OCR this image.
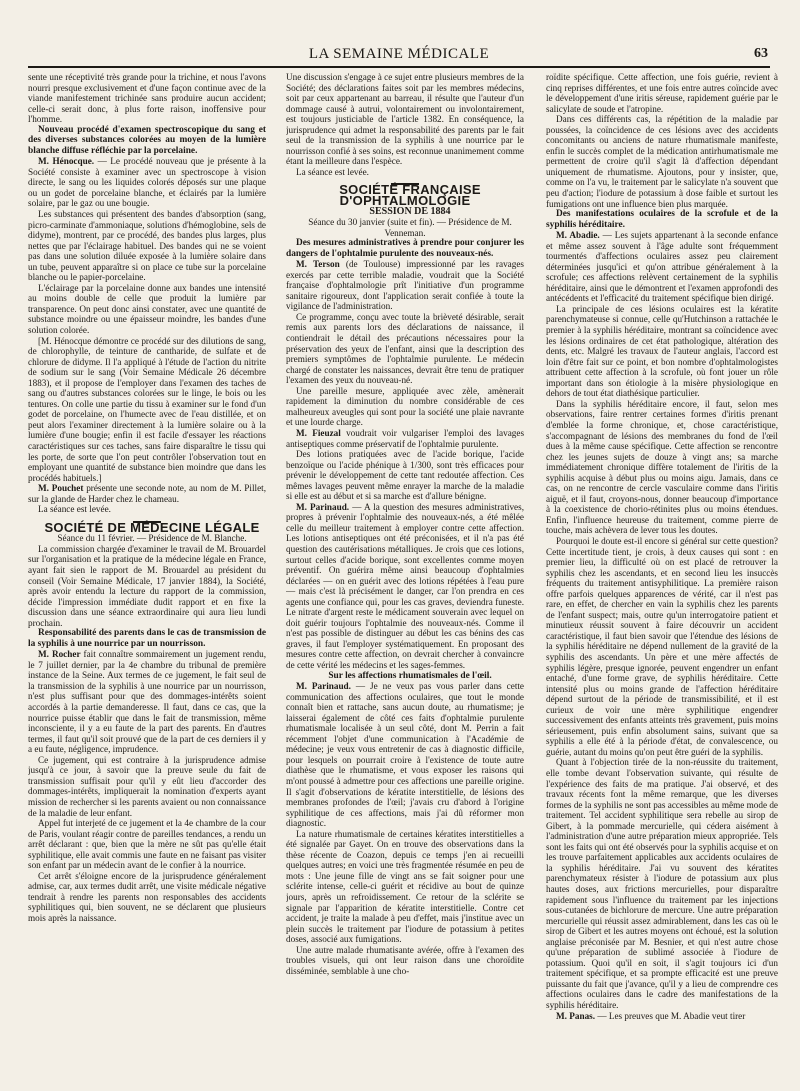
LA SEMAINE MÉDICALE	63

sente une réceptivité très grande pour la trichine, et nous l'avons nourri presque exclusivement et d'une façon continue avec de la viande manifestement trichinée sans produire aucun accident; celle-ci serait donc, à plus forte raison, inoffensive pour l'homme.

Nouveau procédé d'examen spectroscopique du sang et des diverses substances colorées au moyen de la lumière blanche diffuse réfléchie par la porcelaine.

M. Hénocque. — Le procédé nouveau que je présente à la Société consiste à examiner avec un spectroscope à vision directe, le sang ou les liquides colorés déposés sur une plaque ou un godet de porcelaine blanche, et éclairés par la lumière solaire, par le gaz ou une bougie.

Les substances qui présentent des bandes d'absorption (sang, picro-carminate d'ammoniaque, solutions d'hémoglobine, sels de didyme), montrent, par ce procédé, des bandes plus larges, plus nettes que par l'éclairage habituel. Des bandes qui ne se voient pas dans une solution diluée exposée à la lumière solaire dans un tube, peuvent apparaître si on place ce tube sur la porcelaine blanche ou le papier-porcelaine.

L'éclairage par la porcelaine donne aux bandes une intensité au moins double de celle que produit la lumière par transparence. On peut donc ainsi constater, avec une quantité de substance moindre ou une épaisseur moindre, les bandes d'une solution colorée.

[M. Hénocque démontre ce procédé sur des dilutions de sang, de chlorophylle, de teinture de cantharide, de sulfate et de chlorure de didyme. Il l'a appliqué à l'étude de l'action du nitrite de sodium sur le sang (Voir Semaine Médicale 26 décembre 1883), et il propose de l'employer dans l'examen des taches de sang ou d'autres substances colorées sur le linge, le bois ou les tentures. On colle une partie du tissu à examiner sur le fond d'un godet de porcelaine, on l'humecte avec de l'eau distillée, et on peut alors l'examiner directement à la lumière solaire ou à la lumière d'une bougie; enfin il est facile d'essayer les réactions caractéristiques sur ces taches, sans faire disparaître le tissu qui les porte, de sorte que l'on peut contrôler l'observation tout en employant une quantité de substance bien moindre que dans les procédés habituels.]

M. Pouchet présente une seconde note, au nom de M. Pillet, sur la glande de Harder chez le chameau.

La séance est levée.

SOCIÉTÉ DE MÉDECINE LÉGALE

Séance du 11 février. — Présidence de M. Blanche.

La commission chargée d'examiner le travail de M. Brouardel sur l'organisation et la pratique de la médecine légale en France, ayant fait sien le rapport de M. Brouardel au président du conseil (Voir Semaine Médicale, 17 janvier 1884), la Société, après avoir entendu la lecture du rapport de la commission, décide l'impression immédiate dudit rapport et en fixe la discussion dans une séance extraordinaire qui aura lieu lundi prochain.

Responsabilité des parents dans le cas de transmission de la syphilis à une nourrice par un nourrisson.

M. Rocher fait connaître sommairement un jugement rendu, le 7 juillet dernier, par la 4e chambre du tribunal de première instance de la Seine. Aux termes de ce jugement, le fait seul de la transmission de la syphilis à une nourrice par un nourrisson, n'est plus suffisant pour que des dommages-intérêts soient accordés à la partie demanderesse. Il faut, dans ce cas, que la nourrice puisse établir que dans le fait de transmission, même inconsciente, il y a eu faute de la part des parents. En d'autres termes, il faut qu'il soit prouvé que de la part de ces derniers il y a eu faute, négligence, imprudence.

Ce jugement, qui est contraire à la jurisprudence admise jusqu'à ce jour, à savoir que la preuve seule du fait de transmission suffisait pour qu'il y eût lieu d'accorder des dommages-intérêts, impliquerait la nomination d'experts ayant mission de rechercher si les parents avaient ou non connaissance de la maladie de leur enfant.

Appel fut interjeté de ce jugement et la 4e chambre de la cour de Paris, voulant réagir contre de pareilles tendances, a rendu un arrêt déclarant : que, bien que la mère ne sût pas qu'elle était syphilitique, elle avait commis une faute en ne faisant pas visiter son enfant par un médecin avant de le confier à la nourrice.

Cet arrêt s'éloigne encore de la jurisprudence généralement admise, car, aux termes dudit arrêt, une visite médicale négative tendrait à rendre les parents non responsables des accidents syphilitiques qui, bien souvent, ne se déclarent que plusieurs mois après la naissance.

Une discussion s'engage à ce sujet entre plusieurs membres de la Société; des déclarations faites soit par les membres médecins, soit par ceux appartenant au barreau, il résulte que l'auteur d'un dommage causé à autrui, volontairement ou involontairement, est toujours justiciable de l'article 1382. En conséquence, la jurisprudence qui admet la responsabilité des parents par le fait seul de la transmission de la syphilis à une nourrice par le nourrisson confié à ses soins, est reconnue unanimement comme étant la meilleure dans l'espèce.

La séance est levée.

SOCIÉTÉ FRANÇAISE D'OPHTALMOLOGIE

SESSION DE 1884

Séance du 30 janvier (suite et fin). — Présidence de M. Venneman.

Des mesures administratives à prendre pour conjurer les dangers de l'ophtalmie purulente des nouveaux-nés.

M. Terson (de Toulouse) impressionné par les ravages exercés par cette terrible maladie, voudrait que la Société française d'ophtalmologie prît l'initiative d'un programme sanitaire rigoureux, dont l'application serait confiée à toute la vigilance de l'administration.

Ce programme, conçu avec toute la brièveté désirable, serait remis aux parents lors des déclarations de naissance, il contiendrait le détail des précautions nécessaires pour la préservation des yeux de l'enfant, ainsi que la description des premiers symptômes de l'ophtalmie purulente. Le médecin chargé de constater les naissances, devrait être tenu de pratiquer l'examen des yeux du nouveau-né.

Une pareille mesure, appliquée avec zèle, amènerait rapidement la diminution du nombre considérable de ces malheureux aveugles qui sont pour la société une plaie navrante et une lourde charge.

M. Fieuzal voudrait voir vulgariser l'emploi des lavages antiseptiques comme préservatif de l'ophtalmie purulente.

Des lotions pratiquées avec de l'acide borique, l'acide benzoïque ou l'acide phénique à 1/300, sont très efficaces pour prévenir le développement de cette tant redoutée affection. Ces mêmes lavages peuvent même enrayer la marche de la maladie si elle est au début et si sa marche est d'allure bénigne.

M. Parinaud. — A la question des mesures administratives, propres à prévenir l'ophtalmie des nouveaux-nés, a été mêlée celle du meilleur traitement à employer contre cette affection. Les lotions antiseptiques ont été préconisées, et il n'a pas été question des cautérisations métalliques. Je crois que ces lotions, surtout celles d'acide borique, sont excellentes comme moyen préventif. On guérira même ainsi beaucoup d'ophtalmies déclarées — on en guérit avec des lotions répétées à l'eau pure — mais c'est là précisément le danger, car l'on prendra en ces agents une confiance qui, pour les cas graves, deviendra funeste. Le nitrate d'argent reste le médicament souverain avec lequel on doit guérir toujours l'ophtalmie des nouveaux-nés. Comme il n'est pas possible de distinguer au début les cas bénins des cas graves, il faut l'employer systématiquement. En proposant des mesures contre cette affection, on devrait chercher à convaincre de cette vérité les médecins et les sages-femmes.

Sur les affections rhumatismales de l'œil.

M. Parinaud. — Je ne veux pas vous parler dans cette communication des affections oculaires, que tout le monde connaît bien et rattache, sans aucun doute, au rhumatisme; je laisserai également de côté ces faits d'ophtalmie purulente rhumatismale localisée à un seul côté, dont M. Perrin a fait récemment l'objet d'une communication à l'Académie de médecine; je veux vous entretenir de cas à diagnostic difficile, pour lesquels on pourrait croire à l'existence de toute autre diathèse que le rhumatisme, et vous exposer les raisons qui m'ont poussé à admettre pour ces affections une pareille origine. Il s'agit d'observations de kératite interstitielle, de lésions des membranes profondes de l'œil; j'avais cru d'abord à l'origine syphilitique de ces affections, mais j'ai dû réformer mon diagnostic.

La nature rhumatismale de certaines kératites interstitielles a été signalée par Gayet. On en trouve des observations dans la thèse récente de Coazon, depuis ce temps j'en ai recueilli quelques autres; en voici une très fragmentée résumée en peu de mots : Une jeune fille de vingt ans se fait soigner pour une sclérite intense, celle-ci guérit et récidive au bout de quinze jours, après un refroidissement. Ce retour de la sclérite se signale par l'apparition de kératite interstitielle. Contre cet accident, je traite la malade à peu d'effet, mais j'institue avec un plein succès le traitement par l'iodure de potassium à petites doses, associé aux fumigations.

Une autre malade rhumatisante avérée, offre à l'examen des troubles visuels, qui ont leur raison dans une choroïdite disséminée, semblable à une cho-

roïdite spécifique. Cette affection, une fois guérie, revient à cinq reprises différentes, et une fois entre autres coïncide avec le développement d'une iritis séreuse, rapidement guérie par le salicylate de soude et l'atropine.

Dans ces différents cas, la répétition de la maladie par poussées, la coïncidence de ces lésions avec des accidents concomitants ou anciens de nature rhumatismale manifeste, enfin le succès complet de la médication antirhumatismale me permettent de croire qu'il s'agit là d'affection dépendant uniquement de rhumatisme. Ajoutons, pour y insister, que, comme on l'a vu, le traitement par le salicylate n'a souvent que peu d'action; l'iodure de potassium à dose faible et surtout les fumigations ont une influence bien plus marquée.

Des manifestations oculaires de la scrofule et de la syphilis héréditaire.

M. Abadie. — Les sujets appartenant à la seconde enfance et même assez souvent à l'âge adulte sont fréquemment tourmentés d'affections oculaires assez peu clairement déterminées jusqu'ici et qu'on attribue généralement à la scrofule; ces affections relèvent certainement de la syphilis héréditaire, ainsi que le démontrent et l'examen approfondi des antécédents et l'efficacité du traitement spécifique bien dirigé.

La principale de ces lésions oculaires est la kératite parenchymateuse si connue, celle qu'Hutchinson a rattachée le premier à la syphilis héréditaire, montrant sa coïncidence avec les lésions ordinaires de cet état pathologique, altération des dents, etc. Malgré les travaux de l'auteur anglais, l'accord est loin d'être fait sur ce point, et bon nombre d'ophtalmologistes attribuent cette affection à la scrofule, où font jouer un rôle important dans son étiologie à la misère physiologique en dehors de tout état diathésique particulier.

Dans la syphilis héréditaire encore, il faut, selon mes observations, faire rentrer certaines formes d'iritis prenant d'emblée la forme chronique, et, chose caractéristique, s'accompagnant de lésions des membranes du fond de l'œil dues à la même cause spécifique. Cette affection se rencontre chez les jeunes sujets de douze à vingt ans; sa marche immédiatement chronique diffère totalement de l'iritis de la syphilis acquise à début plus ou moins aigu. Jamais, dans ce cas, on ne rencontre de cercle vasculaire comme dans l'iritis aiguë, et il faut, croyons-nous, donner beaucoup d'importance à la coexistence de chorio-rétinites plus ou moins étendues. Enfin, l'influence heureuse du traitement, comme pierre de touche, mais achèvera de lever tous les doutes.

Pourquoi le doute est-il encore si général sur cette question? Cette incertitude tient, je crois, à deux causes qui sont : en premier lieu, la difficulté où on est placé de retrouver la syphilis chez les ascendants, et en second lieu les insuccès fréquents du traitement antisyphilitique. La première raison offre parfois quelques apparences de vérité, car il n'est pas rare, en effet, de chercher en vain la syphilis chez les parents de l'enfant suspect; mais, outre qu'un interrogatoire patient et minutieux réussit souvent à faire découvrir un accident caractéristique, il faut bien savoir que l'étendue des lésions de la syphilis héréditaire ne dépend nullement de la gravité de la syphilis des ascendants. Un père et une mère affectés de syphilis légère, presque ignorée, peuvent engendrer un enfant entaché, d'une forme grave, de syphilis héréditaire. Cette intensité plus ou moins grande de l'affection héréditaire dépend surtout de la période de transmissibilité, et il est curieux de voir une mère syphilitique engendrer successivement des enfants atteints très gravement, puis moins sérieusement, puis enfin absolument sains, suivant que sa syphilis a elle été à la période d'état, de convalescence, ou guérie, autant du moins qu'on peut être guéri de la syphilis.

Quant à l'objection tirée de la non-réussite du traitement, elle tombe devant l'observation suivante, qui résulte de l'expérience des faits de ma pratique. J'ai observé, et des travaux récents font la même remarque, que les diverses formes de la syphilis ne sont pas accessibles au même mode de traitement. Tel accident syphilitique sera rebelle au sirop de Gibert, à la pommade mercurielle, qui cédera aisément à l'administration d'une autre préparation mieux appropriée. Tels sont les faits qui ont été observés pour la syphilis acquise et on les trouve parfaitement applicables aux accidents oculaires de la syphilis héréditaire. J'ai vu souvent des kératites parenchymateux résister à l'iodure de potassium aux plus hautes doses, aux frictions mercurielles, pour disparaître rapidement sous l'influence du traitement par les injections sous-cutanées de bichlorure de mercure. Une autre préparation mercurielle qui réussit assez admirablement, dans les cas où le sirop de Gibert et les autres moyens ont échoué, est la solution anglaise préconisée par M. Besnier, et qui n'est autre chose qu'une préparation de sublimé associée à l'iodure de potassium. Quoi qu'il en soit, il s'agit toujours ici d'un traitement spécifique, et sa prompte efficacité est une preuve puissante du fait que j'avance, qu'il y a lieu de comprendre ces affections oculaires dans le cadre des manifestations de la syphilis héréditaire.

M. Panas. — Les preuves que M. Abadie veut tirer
